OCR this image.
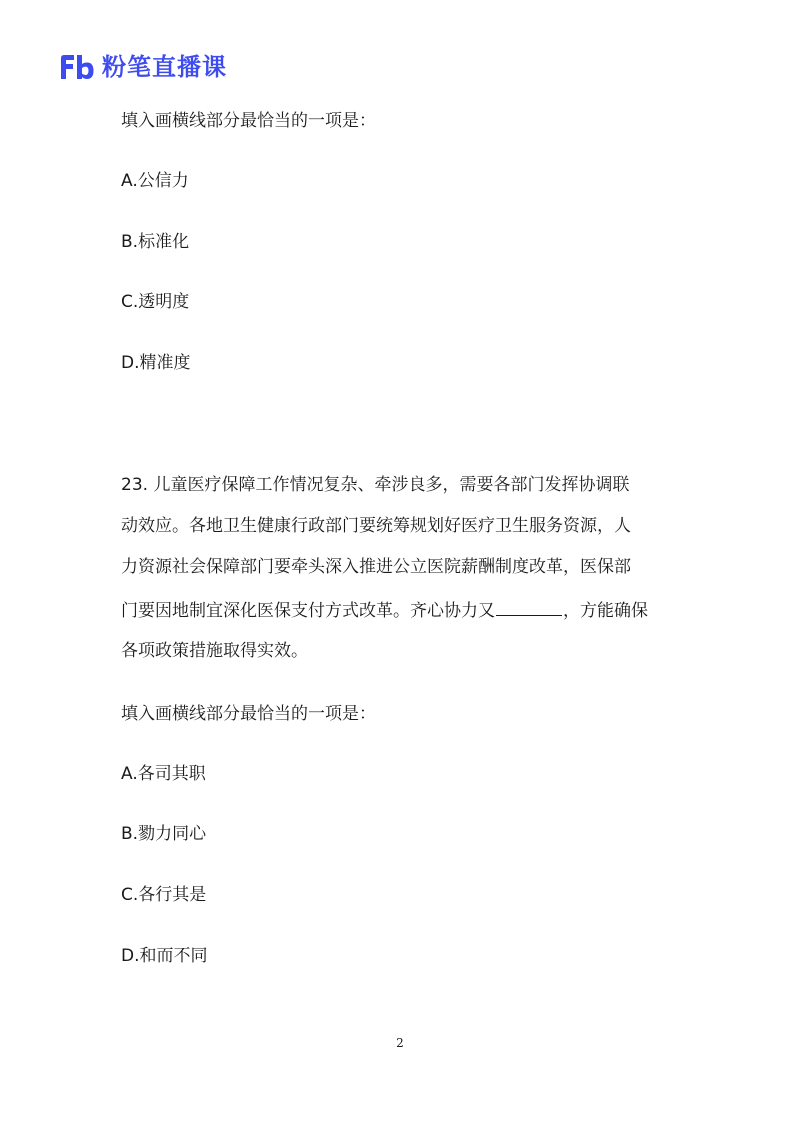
粉笔直播课
填入画横线部分最恰当的一项是：
A.公信力
B.标准化
C.透明度
D.精准度
23. 儿童医疗保障工作情况复杂、牵涉良多，需要各部门发挥协调联
动效应。各地卫生健康行政部门要统筹规划好医疗卫生服务资源，人
力资源社会保障部门要牵头深入推进公立医院薪酬制度改革，医保部
门要因地制宜深化医保支付方式改革。齐心协力又	，方能确保
各项政策措施取得实效。
填入画横线部分最恰当的一项是：
A.各司其职
B.勠力同心
C.各行其是
D.和而不同
2
